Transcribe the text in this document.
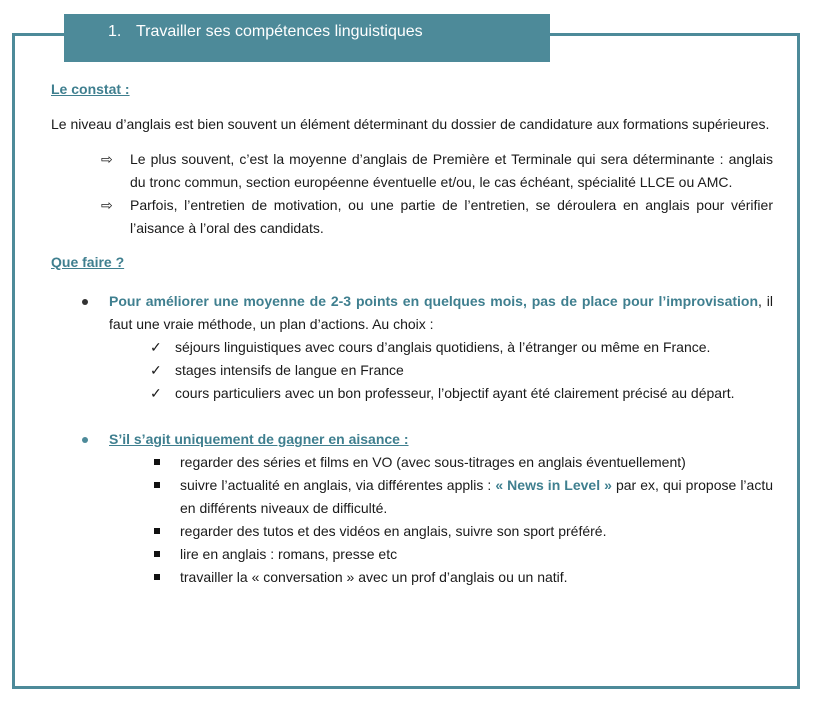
1. Travailler ses compétences linguistiques
Le constat :

Le niveau d’anglais est bien souvent un élément déterminant du dossier de candidature aux formations supérieures.

⇨	Le plus souvent, c’est la moyenne d’anglais de Première et Terminale qui sera déterminante : anglais du tronc commun, section européenne éventuelle et/ou, le cas échéant, spécialité LLCE ou AMC.
⇨	Parfois, l’entretien de motivation, ou une partie de l’entretien, se déroulera en anglais pour vérifier l’aisance à l’oral des candidats.
Que faire ?

Pour améliorer une moyenne de 2-3 points en quelques mois, pas de place pour l’improvisation, il faut une vraie méthode, un plan d’actions. Au choix :

✓ séjours linguistiques avec cours d’anglais quotidiens, à l’étranger ou même en France.
✓ stages intensifs de langue en France
✓ cours particuliers avec un bon professeur, l’objectif ayant été clairement précisé au départ.

S’il s’agit uniquement de gagner en aisance :

regarder des séries et films en VO (avec sous-titrages en anglais éventuellement)
suivre l’actualité en anglais, via différentes applis : « News in Level » par ex, qui propose l’actu en différents niveaux de difficulté.
regarder des tutos et des vidéos en anglais, suivre son sport préféré.
lire en anglais : romans, presse etc
travailler la « conversation » avec un prof d’anglais ou un natif.
